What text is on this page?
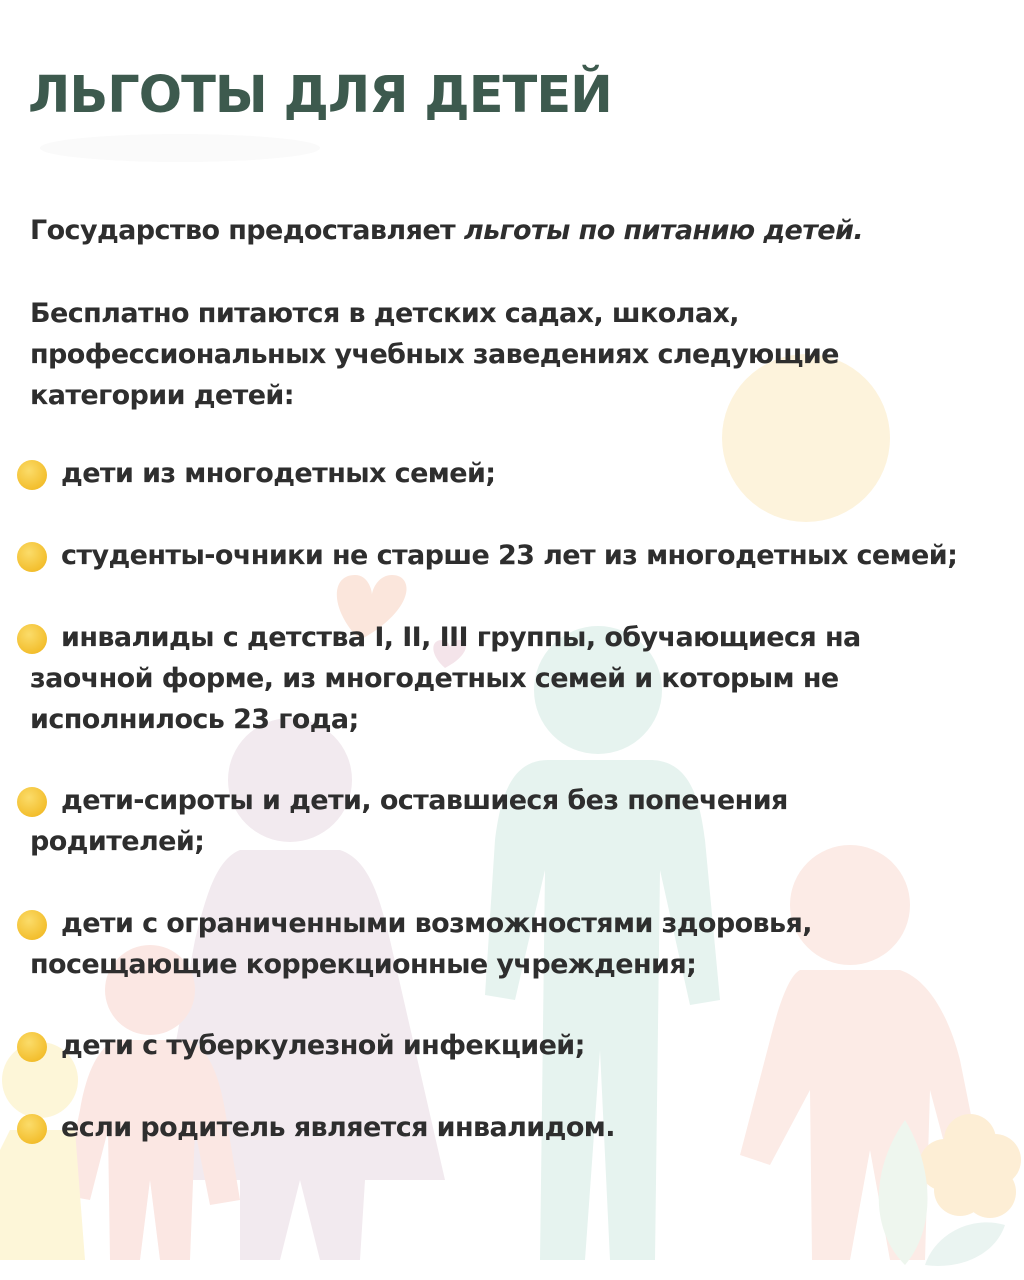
ЛЬГОТЫ ДЛЯ ДЕТЕЙ

Государство предоставляет льготы по питанию детей.

Бесплатно питаются в детских садах, школах,
профессиональных учебных заведениях следующие
категории детей:

дети из многодетных семей;
студенты-очники не старше 23 лет из многодетных семей;
инвалиды с детства I, II, III группы, обучающиеся на
заочной форме, из многодетных семей и которым не
исполнилось 23 года;
дети-сироты и дети, оставшиеся без попечения
родителей;
дети с ограниченными возможностями здоровья,
посещающие коррекционные учреждения;
дети с туберкулезной инфекцией;
если родитель является инвалидом.
